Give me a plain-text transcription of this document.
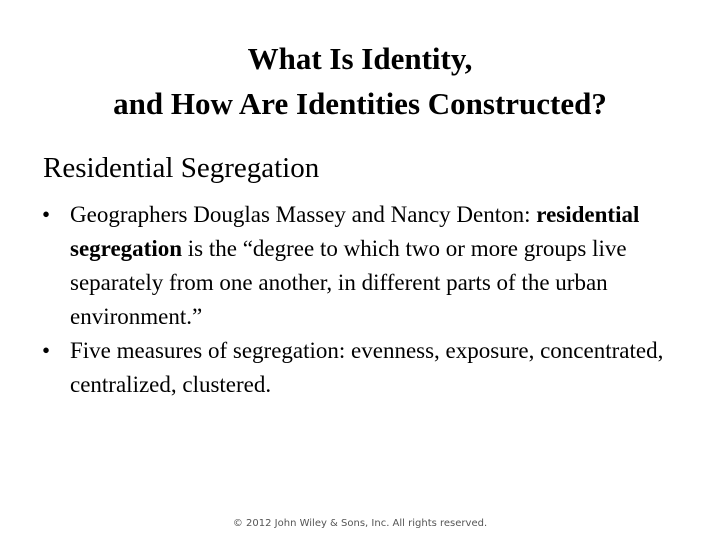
What Is Identity,
and How Are Identities Constructed?
Residential Segregation
• Geographers Douglas Massey and Nancy Denton: residential segregation is the “degree to which two or more groups live separately from one another, in different parts of the urban environment.”
• Five measures of segregation: evenness, exposure, concentrated, centralized, clustered.
© 2012 John Wiley & Sons, Inc. All rights reserved.
